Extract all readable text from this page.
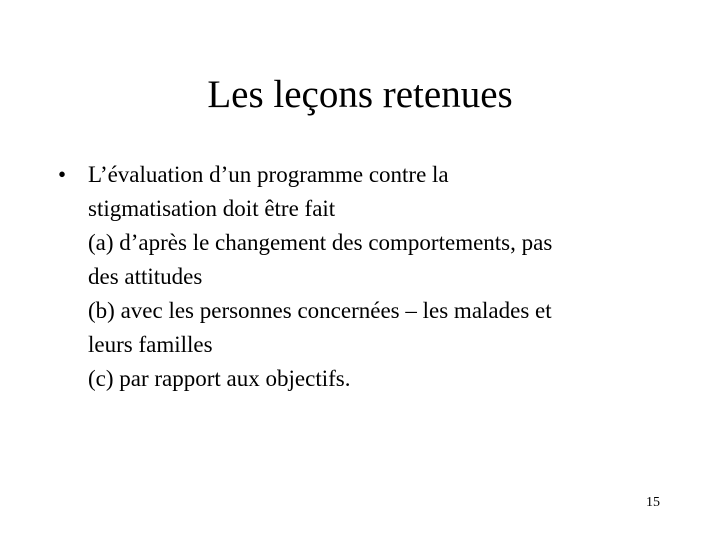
Les leçons retenues
• L’évaluation d’un programme contre la
stigmatisation doit être fait
(a) d’après le changement des comportements, pas
des attitudes
(b) avec les personnes concernées – les malades et
leurs familles
(c) par rapport aux objectifs.
15
